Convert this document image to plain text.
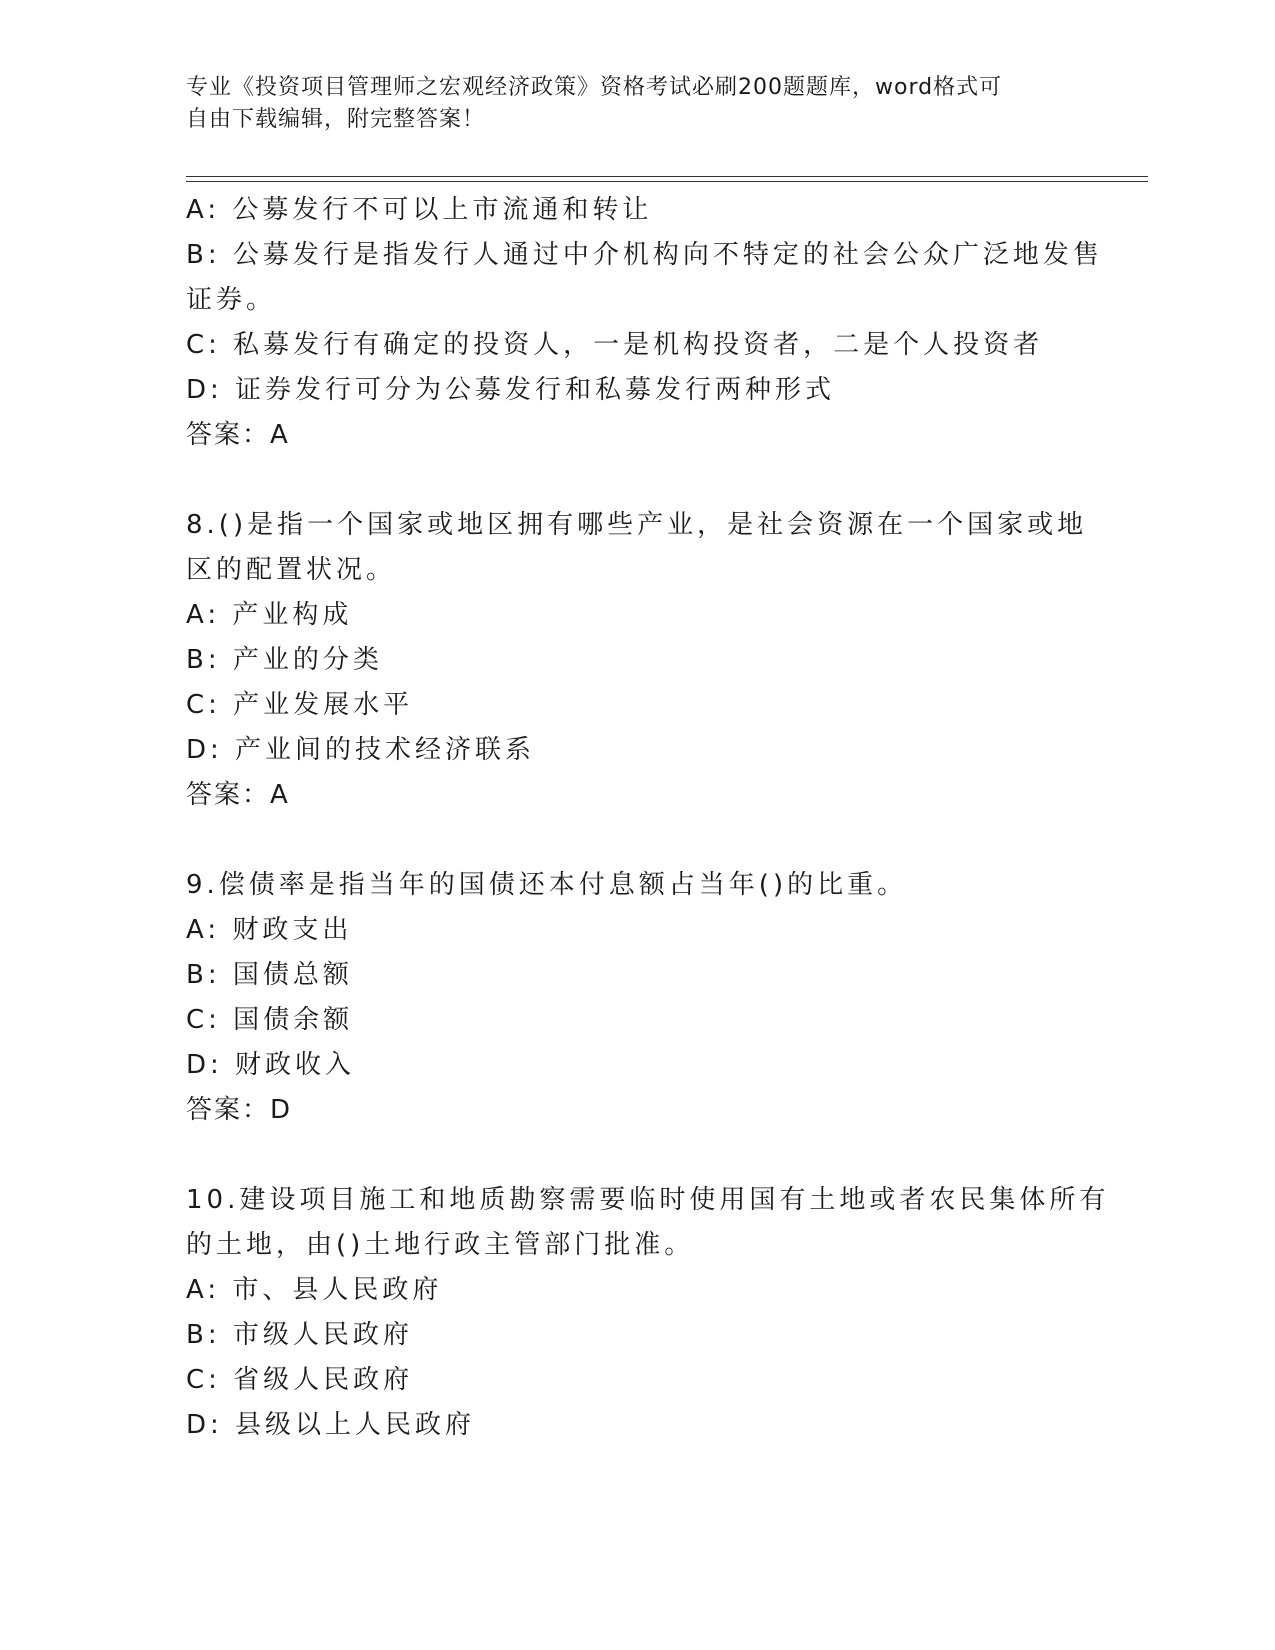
专业《投资项目管理师之宏观经济政策》资格考试必刷200题题库，word格式可
自由下载编辑，附完整答案！
A: 公募发行不可以上市流通和转让
B: 公募发行是指发行人通过中介机构向不特定的社会公众广泛地发售
证券。
C: 私募发行有确定的投资人，一是机构投资者，二是个人投资者
D: 证券发行可分为公募发行和私募发行两种形式
答案：A
8.()是指一个国家或地区拥有哪些产业，是社会资源在一个国家或地
区的配置状况。
A: 产业构成
B: 产业的分类
C: 产业发展水平
D: 产业间的技术经济联系
答案：A
9.偿债率是指当年的国债还本付息额占当年()的比重。
A: 财政支出
B: 国债总额
C: 国债余额
D: 财政收入
答案：D
10.建设项目施工和地质勘察需要临时使用国有土地或者农民集体所有
的土地，由()土地行政主管部门批准。
A: 市、县人民政府
B: 市级人民政府
C: 省级人民政府
D: 县级以上人民政府
